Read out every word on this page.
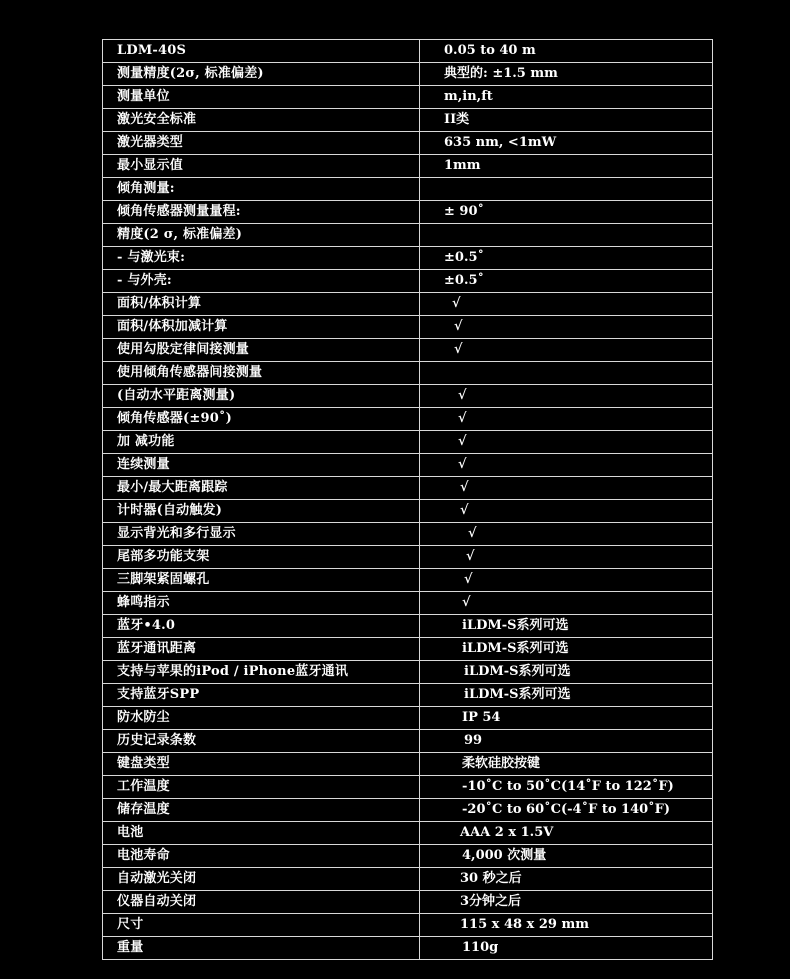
LDM-40S	0.05 to 40 m
测量精度(2σ, 标准偏差)	典型的: ±1.5 mm
测量单位	m,in,ft
激光安全标准	II类
激光器类型	635 nm, <1mW
最小显示值	1mm
倾角测量:	
倾角传感器测量量程:	± 90˚
精度(2 σ, 标准偏差)	
- 与激光束:	±0.5˚
- 与外壳:	±0.5˚
面积/体积计算	√
面积/体积加减计算	√
使用勾股定律间接测量	√
使用倾角传感器间接测量	
(自动水平距离测量)	√
倾角传感器(±90˚)	√
加 减功能	√
连续测量	√
最小/最大距离跟踪	√
计时器(自动触发)	√
显示背光和多行显示	√
尾部多功能支架	√
三脚架紧固螺孔	√
蜂鸣指示	√
蓝牙•4.0	iLDM-S系列可选
蓝牙通讯距离	iLDM-S系列可选
支持与苹果的iPod / iPhone蓝牙通讯	iLDM-S系列可选
支持蓝牙SPP	iLDM-S系列可选
防水防尘	IP 54
历史记录条数	99
键盘类型	柔软硅胶按键
工作温度	-10˚C to 50˚C(14˚F to 122˚F)
储存温度	-20˚C to 60˚C(-4˚F to 140˚F)
电池	AAA 2 x 1.5V
电池寿命	4,000 次测量
自动激光关闭	30 秒之后
仪器自动关闭	3分钟之后
尺寸	115 x 48 x 29 mm
重量	110g
